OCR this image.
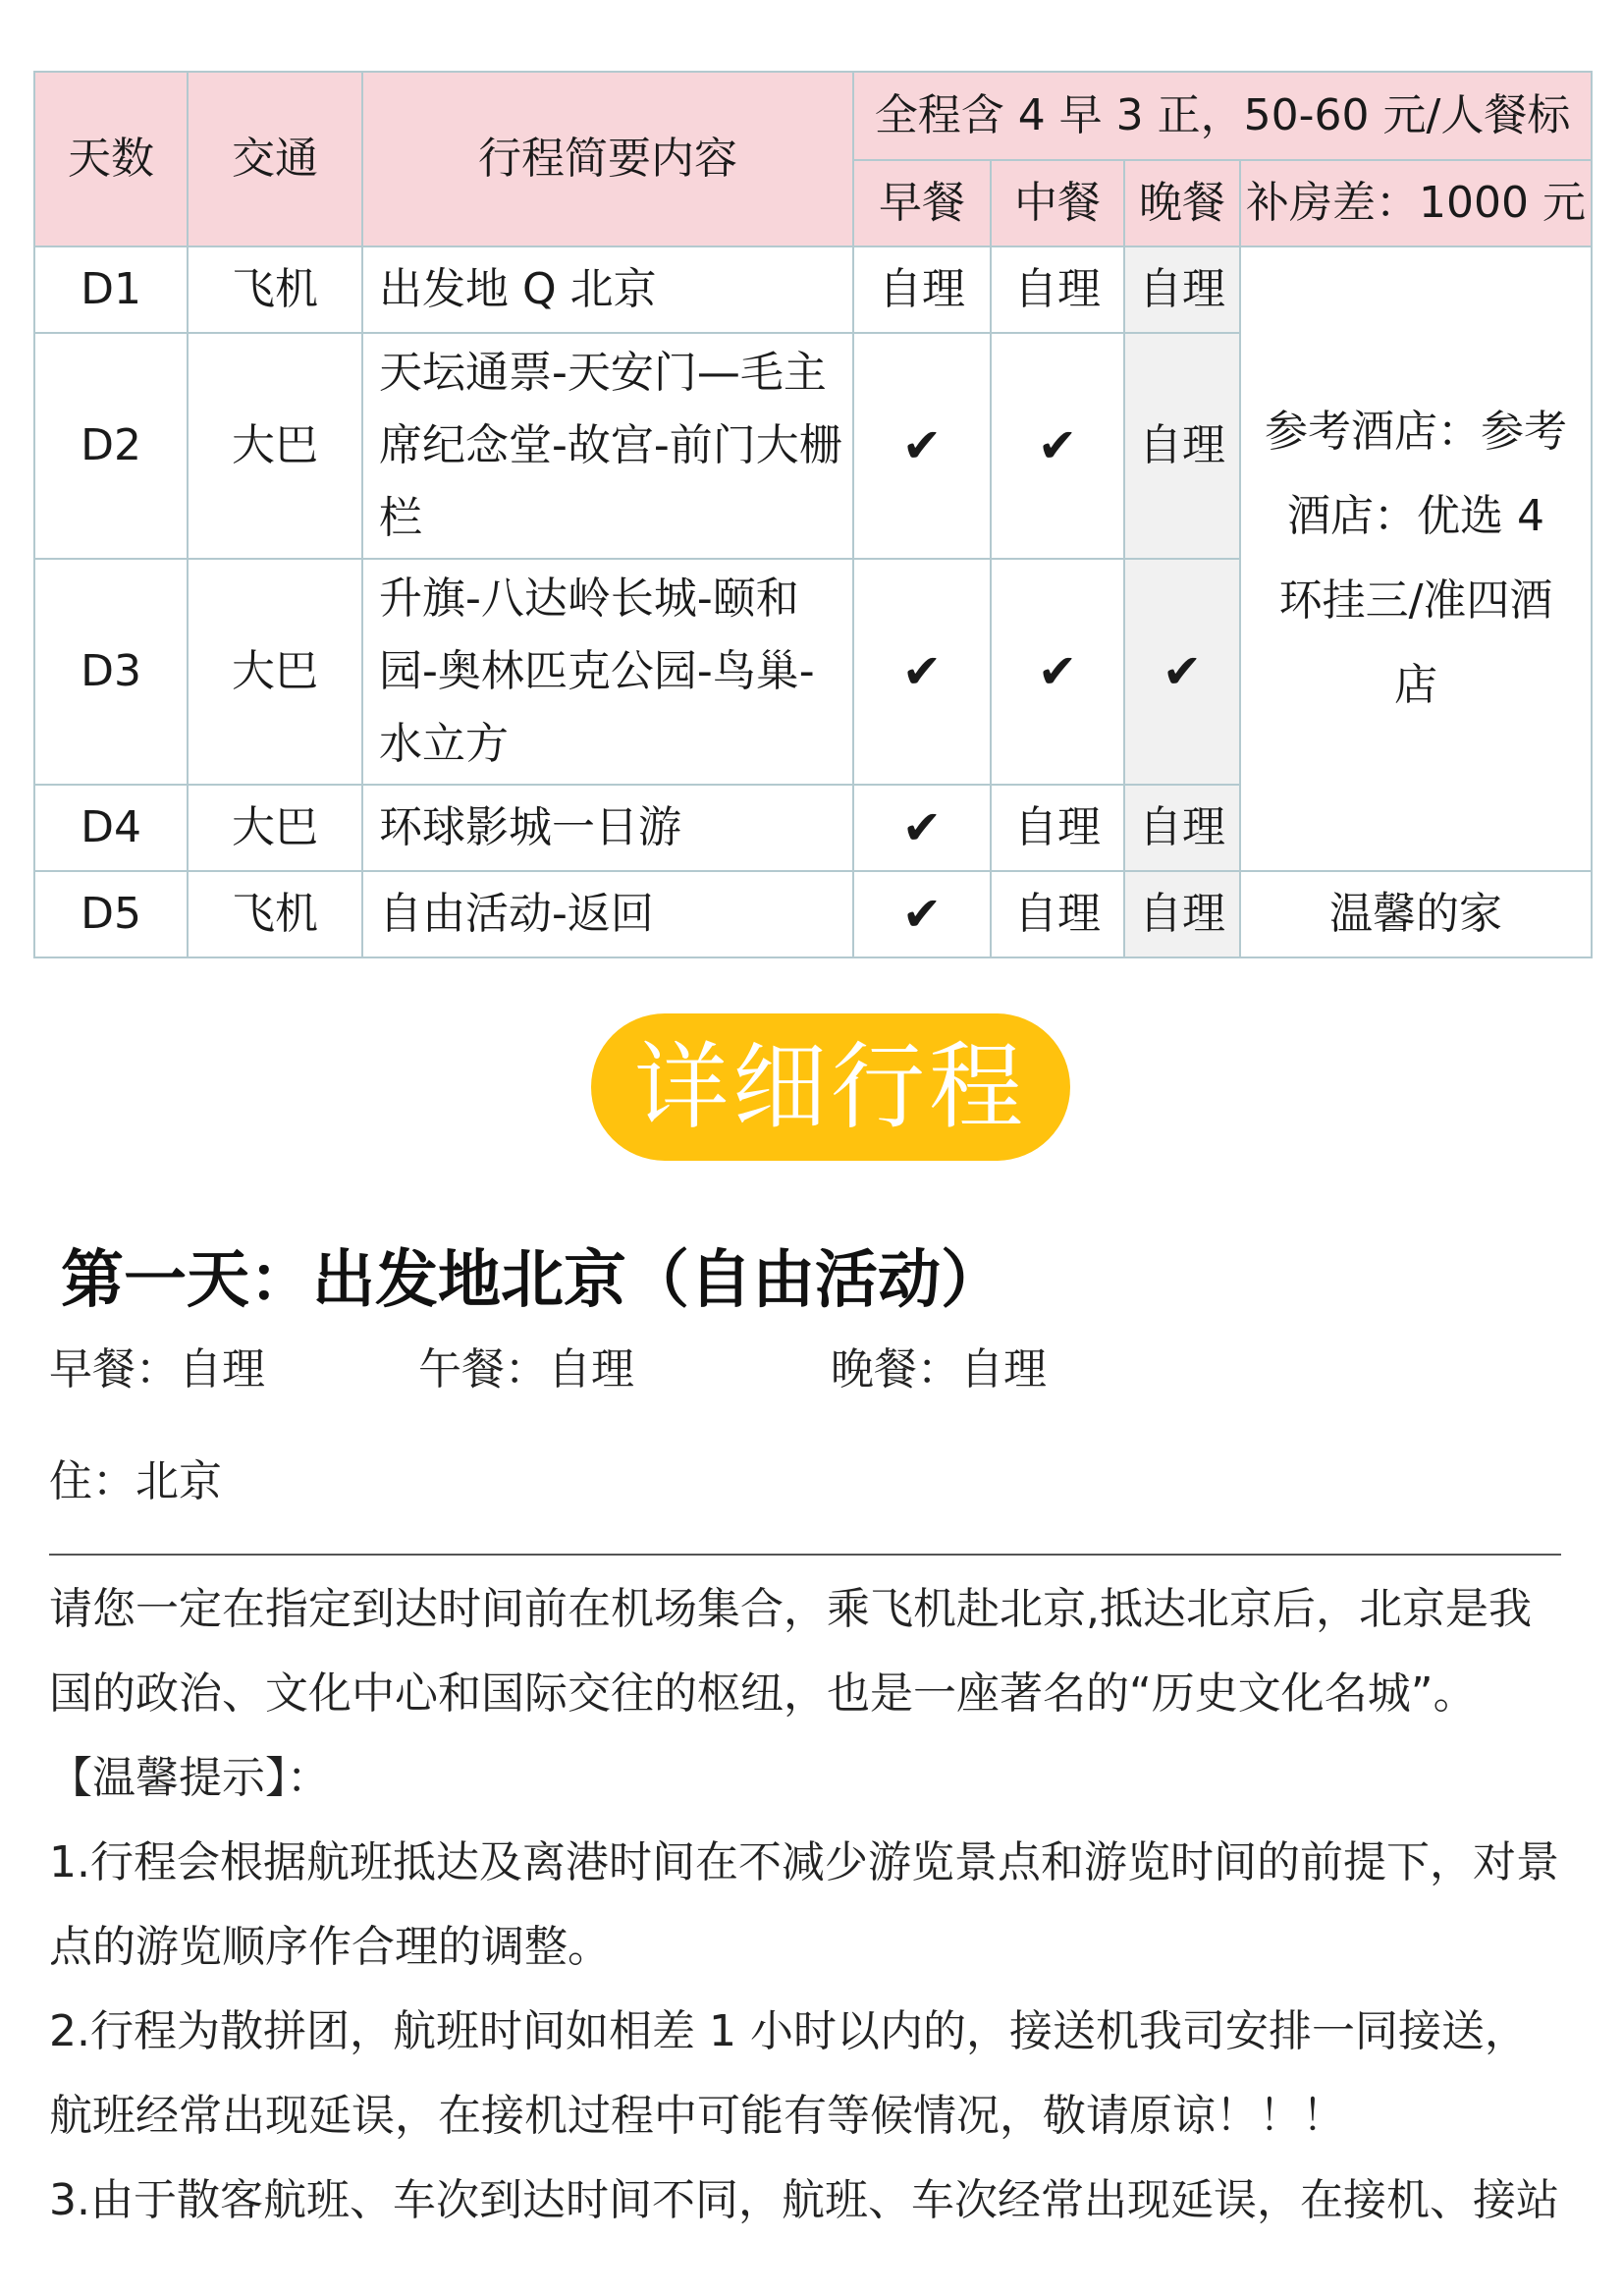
天数	交通	行程简要内容	全程含 4 早 3 正，50-60 元/人餐标			
			早餐	中餐	晚餐	补房差：1000 元
D1	飞机	出发地 Q 北京	自理	自理	自理	参考酒店：参考酒店：优选 4 环挂三/准四酒店
D2	大巴	天坛通票-天安门—毛主席纪念堂-故宫-前门大栅栏	✔	✔	自理	
D3	大巴	升旗-八达岭长城-颐和园-奥林匹克公园-鸟巢-水立方	✔	✔	✔	
D4	大巴	环球影城一日游	✔	自理	自理	
D5	飞机	自由活动-返回	✔	自理	自理	温馨的家
详细行程
第一天：出发地北京（自由活动）
早餐：自理	午餐：自理	晚餐：自理
住：北京

请您一定在指定到达时间前在机场集合，乘飞机赴北京,抵达北京后，北京是我国的政治、文化中心和国际交往的枢纽，也是一座著名的“历史文化名城”。

【温馨提示】：

1.行程会根据航班抵达及离港时间在不减少游览景点和游览时间的前提下，对景点的游览顺序作合理的调整。

2.行程为散拼团，航班时间如相差 1 小时以内的，接送机我司安排一同接送，航班经常出现延误，在接机过程中可能有等候情况，敬请原谅！！！

3.由于散客航班、车次到达时间不同，航班、车次经常出现延误，在接机、接站
